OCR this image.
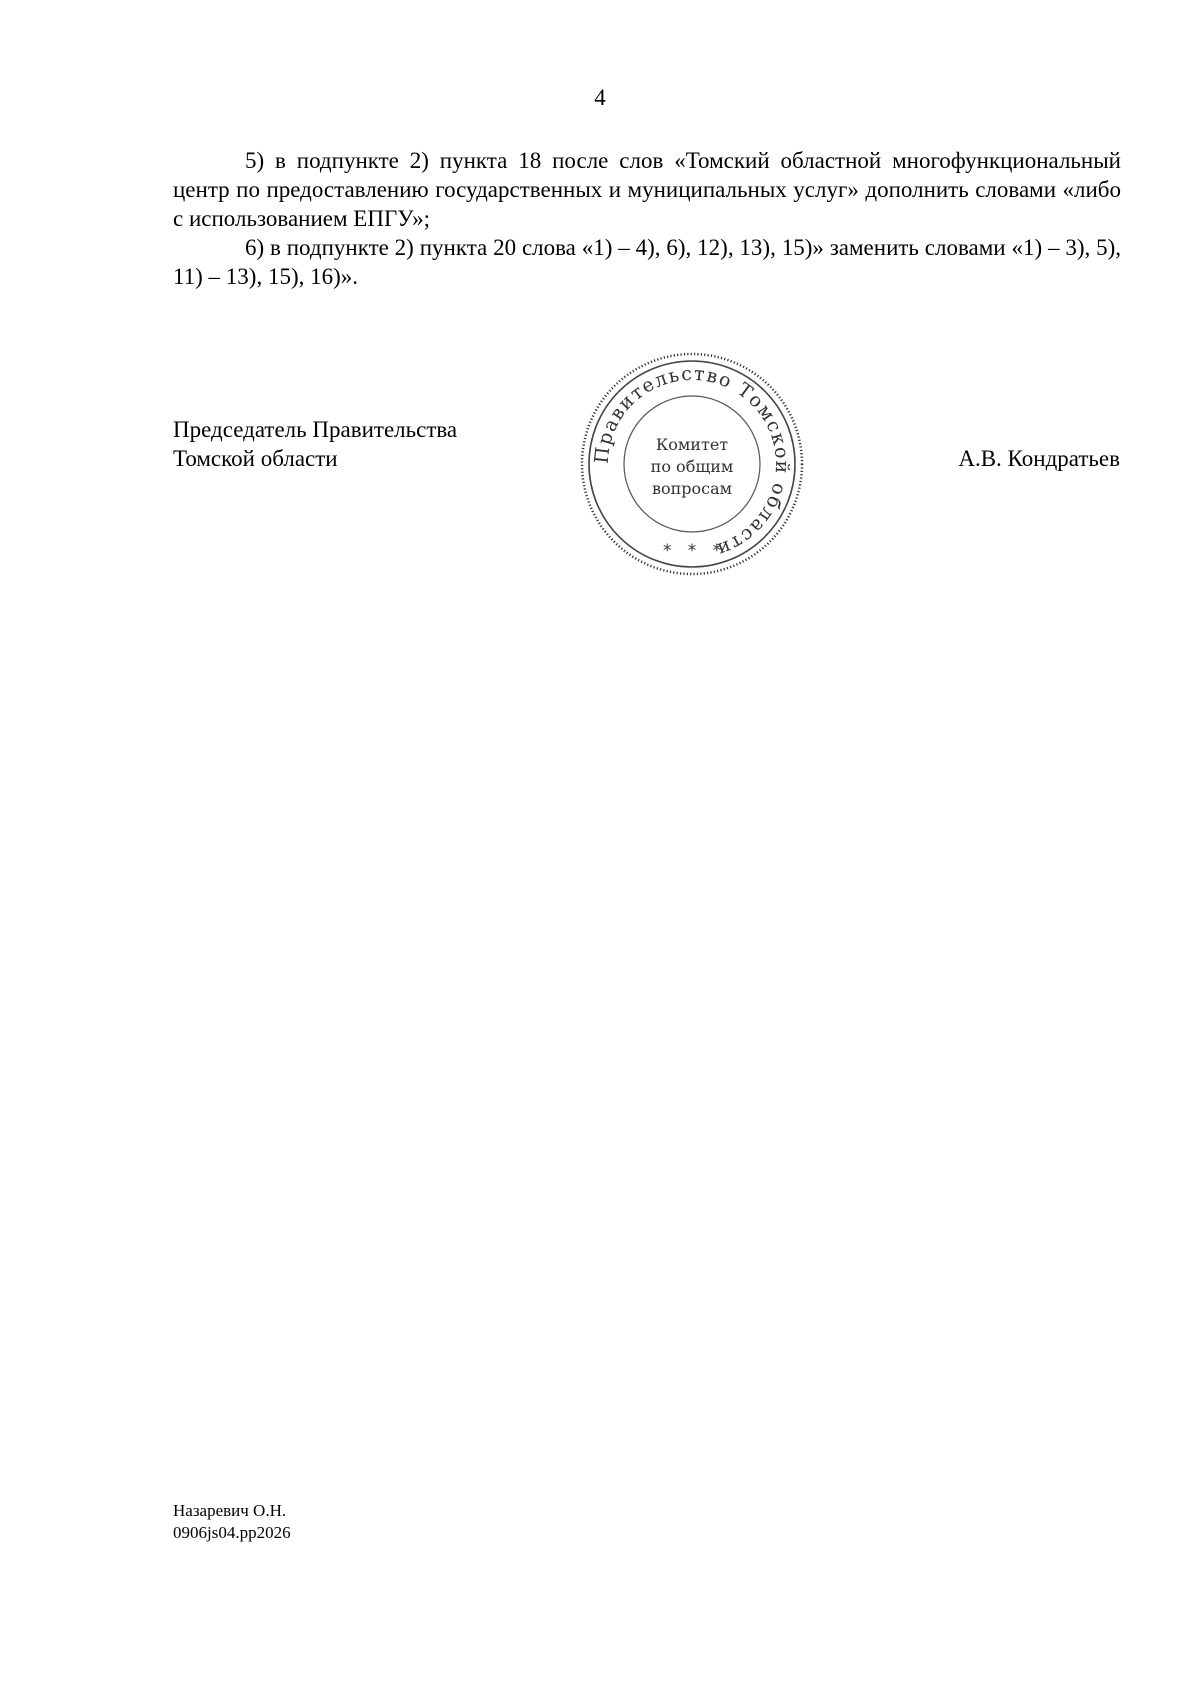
4

5) в подпункте 2) пункта 18 после слов «Томский областной многофункциональный центр по предоставлению государственных и муниципальных услуг» дополнить словами «либо с использованием ЕПГУ»;

6) в подпункте 2) пункта 20 слова «1) – 4), 6), 12), 13), 15)» заменить словами «1) – 3), 5), 11) – 13), 15), 16)».

Председатель Правительства
Томской области	Правительство Томской области
Комитет
по общим
вопросам
*   *   *
А.В. Кондратьев
Назаревич О.Н.
0906js04.pp2026
